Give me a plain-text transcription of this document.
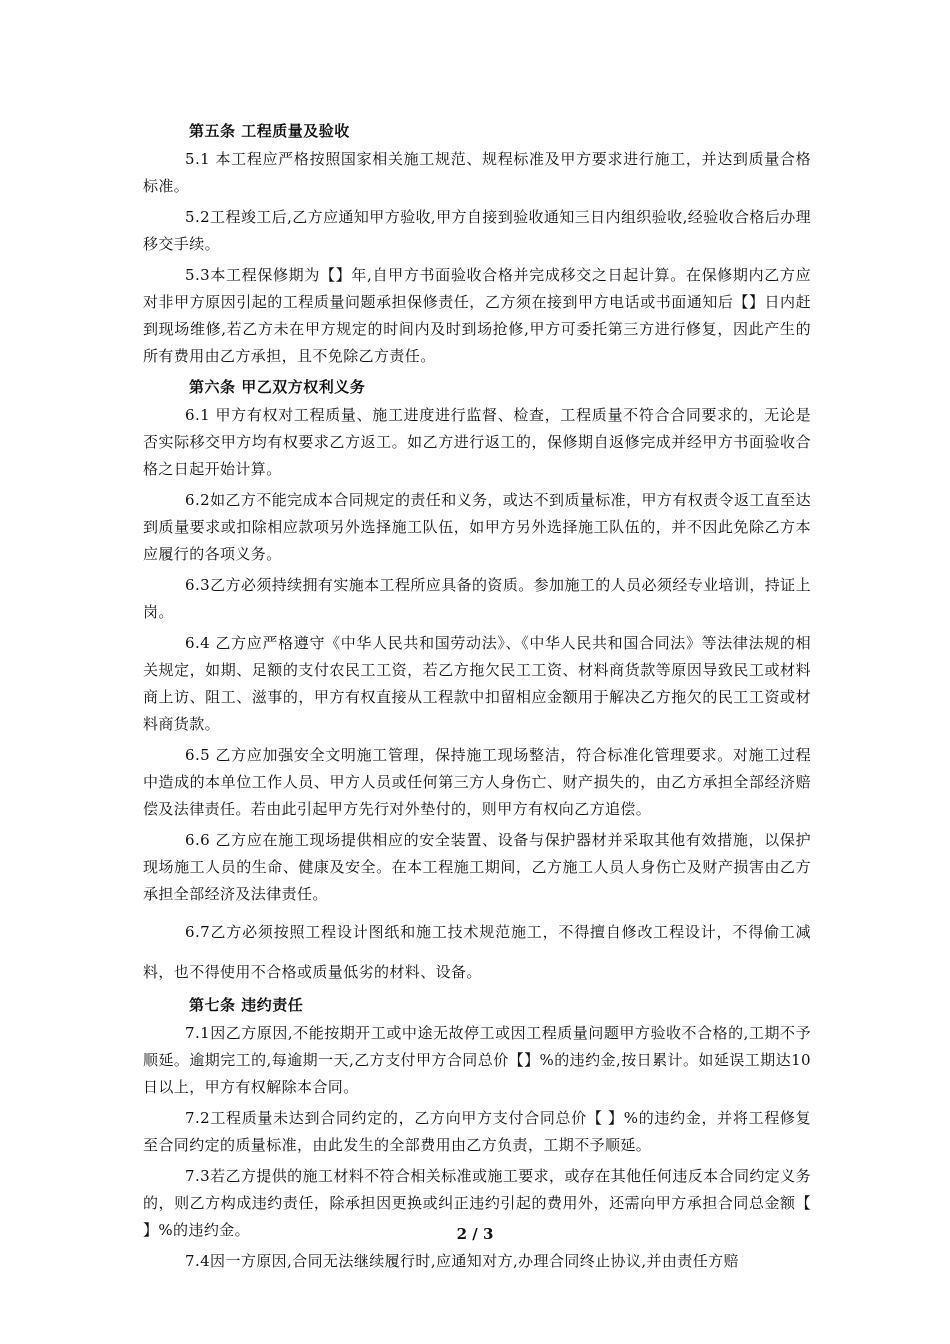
第五条 工程质量及验收

5.1 本工程应严格按照国家相关施工规范、规程标准及甲方要求进行施工，并达到质量合格标准。

5.2工程竣工后,乙方应通知甲方验收,甲方自接到验收通知三日内组织验收,经验收合格后办理移交手续。

5.3本工程保修期为【】年,自甲方书面验收合格并完成移交之日起计算。在保修期内乙方应对非甲方原因引起的工程质量问题承担保修责任，乙方须在接到甲方电话或书面通知后【】日内赶到现场维修,若乙方未在甲方规定的时间内及时到场抢修,甲方可委托第三方进行修复，因此产生的所有费用由乙方承担，且不免除乙方责任。

第六条 甲乙双方权利义务

6.1 甲方有权对工程质量、施工进度进行监督、检查，工程质量不符合合同要求的，无论是否实际移交甲方均有权要求乙方返工。如乙方进行返工的，保修期自返修完成并经甲方书面验收合格之日起开始计算。

6.2如乙方不能完成本合同规定的责任和义务，或达不到质量标准，甲方有权责令返工直至达到质量要求或扣除相应款项另外选择施工队伍，如甲方另外选择施工队伍的，并不因此免除乙方本应履行的各项义务。

6.3乙方必须持续拥有实施本工程所应具备的资质。参加施工的人员必须经专业培训，持证上岗。

6.4 乙方应严格遵守《中华人民共和国劳动法》、《中华人民共和国合同法》等法律法规的相关规定，如期、足额的支付农民工工资，若乙方拖欠民工工资、材料商货款等原因导致民工或材料商上访、阻工、滋事的，甲方有权直接从工程款中扣留相应金额用于解决乙方拖欠的民工工资或材料商货款。

6.5 乙方应加强安全文明施工管理，保持施工现场整洁，符合标准化管理要求。对施工过程中造成的本单位工作人员、甲方人员或任何第三方人身伤亡、财产损失的，由乙方承担全部经济赔偿及法律责任。若由此引起甲方先行对外垫付的，则甲方有权向乙方追偿。

6.6 乙方应在施工现场提供相应的安全装置、设备与保护器材并采取其他有效措施，以保护现场施工人员的生命、健康及安全。在本工程施工期间，乙方施工人员人身伤亡及财产损害由乙方承担全部经济及法律责任。

6.7乙方必须按照工程设计图纸和施工技术规范施工，不得擅自修改工程设计，不得偷工减料，也不得使用不合格或质量低劣的材料、设备。

第七条 违约责任

7.1因乙方原因,不能按期开工或中途无故停工或因工程质量问题甲方验收不合格的,工期不予顺延。逾期完工的,每逾期一天,乙方支付甲方合同总价【】%的违约金,按日累计。如延误工期达10日以上，甲方有权解除本合同。

7.2工程质量未达到合同约定的，乙方向甲方支付合同总价【 】%的违约金，并将工程修复至合同约定的质量标准，由此发生的全部费用由乙方负责，工期不予顺延。

7.3若乙方提供的施工材料不符合相关标准或施工要求，或存在其他任何违反本合同约定义务的，则乙方构成违约责任，除承担因更换或纠正违约引起的费用外，还需向甲方承担合同总金额【 】%的违约金。

7.4因一方原因,合同无法继续履行时,应通知对方,办理合同终止协议,并由责任方赔

2 / 3
